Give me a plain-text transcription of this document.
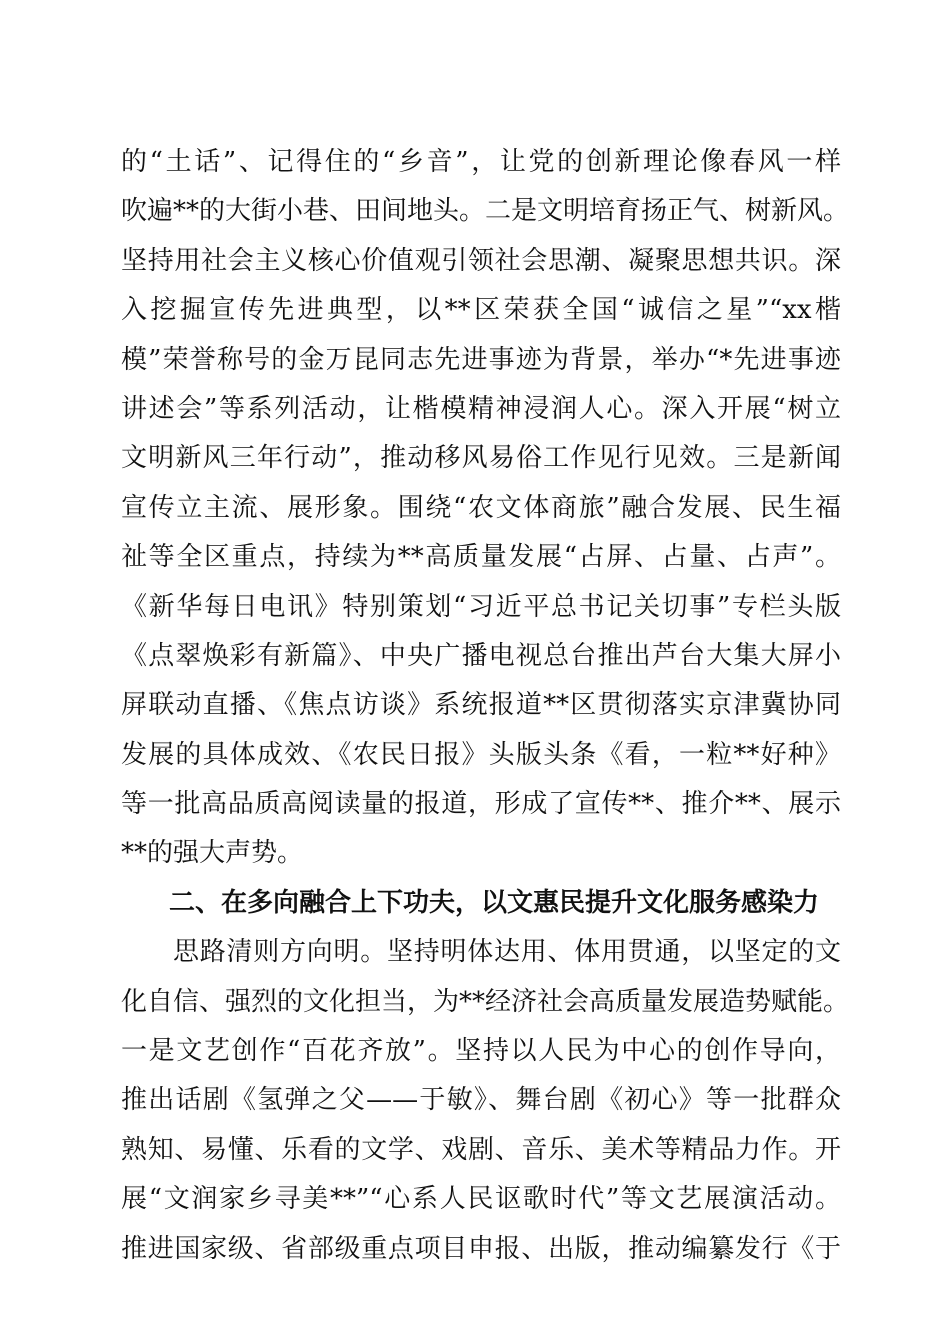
的“土话”、记得住的“乡音”，让党的创新理论像春风一样
吹遍**的大街小巷、田间地头。二是文明培育扬正气、树新风。
坚持用社会主义核心价值观引领社会思潮、凝聚思想共识。深
入挖掘宣传先进典型，以**区荣获全国“诚信之星”“xx楷
模”荣誉称号的金万昆同志先进事迹为背景，举办“*先进事迹
讲述会”等系列活动，让楷模精神浸润人心。深入开展“树立
文明新风三年行动”，推动移风易俗工作见行见效。三是新闻
宣传立主流、展形象。围绕“农文体商旅”融合发展、民生福
祉等全区重点，持续为**高质量发展“占屏、占量、占声”。
《新华每日电讯》特别策划“习近平总书记关切事”专栏头版
《点翠焕彩有新篇》、中央广播电视总台推出芦台大集大屏小
屏联动直播、《焦点访谈》系统报道**区贯彻落实京津冀协同
发展的具体成效、《农民日报》头版头条《看，一粒**好种》
等一批高品质高阅读量的报道，形成了宣传**、推介**、展示
**的强大声势。
二、在多向融合上下功夫，以文惠民提升文化服务感染力
思路清则方向明。坚持明体达用、体用贯通，以坚定的文
化自信、强烈的文化担当，为**经济社会高质量发展造势赋能。
一是文艺创作“百花齐放”。坚持以人民为中心的创作导向，
推出话剧《氢弹之父——于敏》、舞台剧《初心》等一批群众
熟知、易懂、乐看的文学、戏剧、音乐、美术等精品力作。开
展“文润家乡寻美**”“心系人民讴歌时代”等文艺展演活动。
推进国家级、省部级重点项目申报、出版，推动编纂发行《于
